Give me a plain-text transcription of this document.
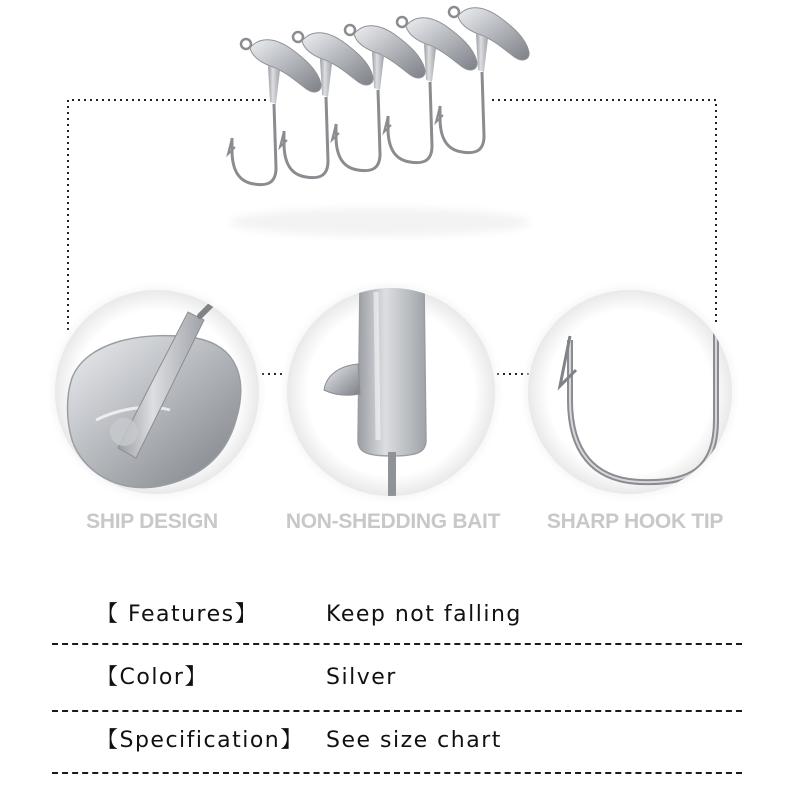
SHIP DESIGN	NON-SHEDDING BAIT	SHARP HOOK TIP
【 Features】	Keep not falling
【Color】	Silver
【Specification】 See size chart
